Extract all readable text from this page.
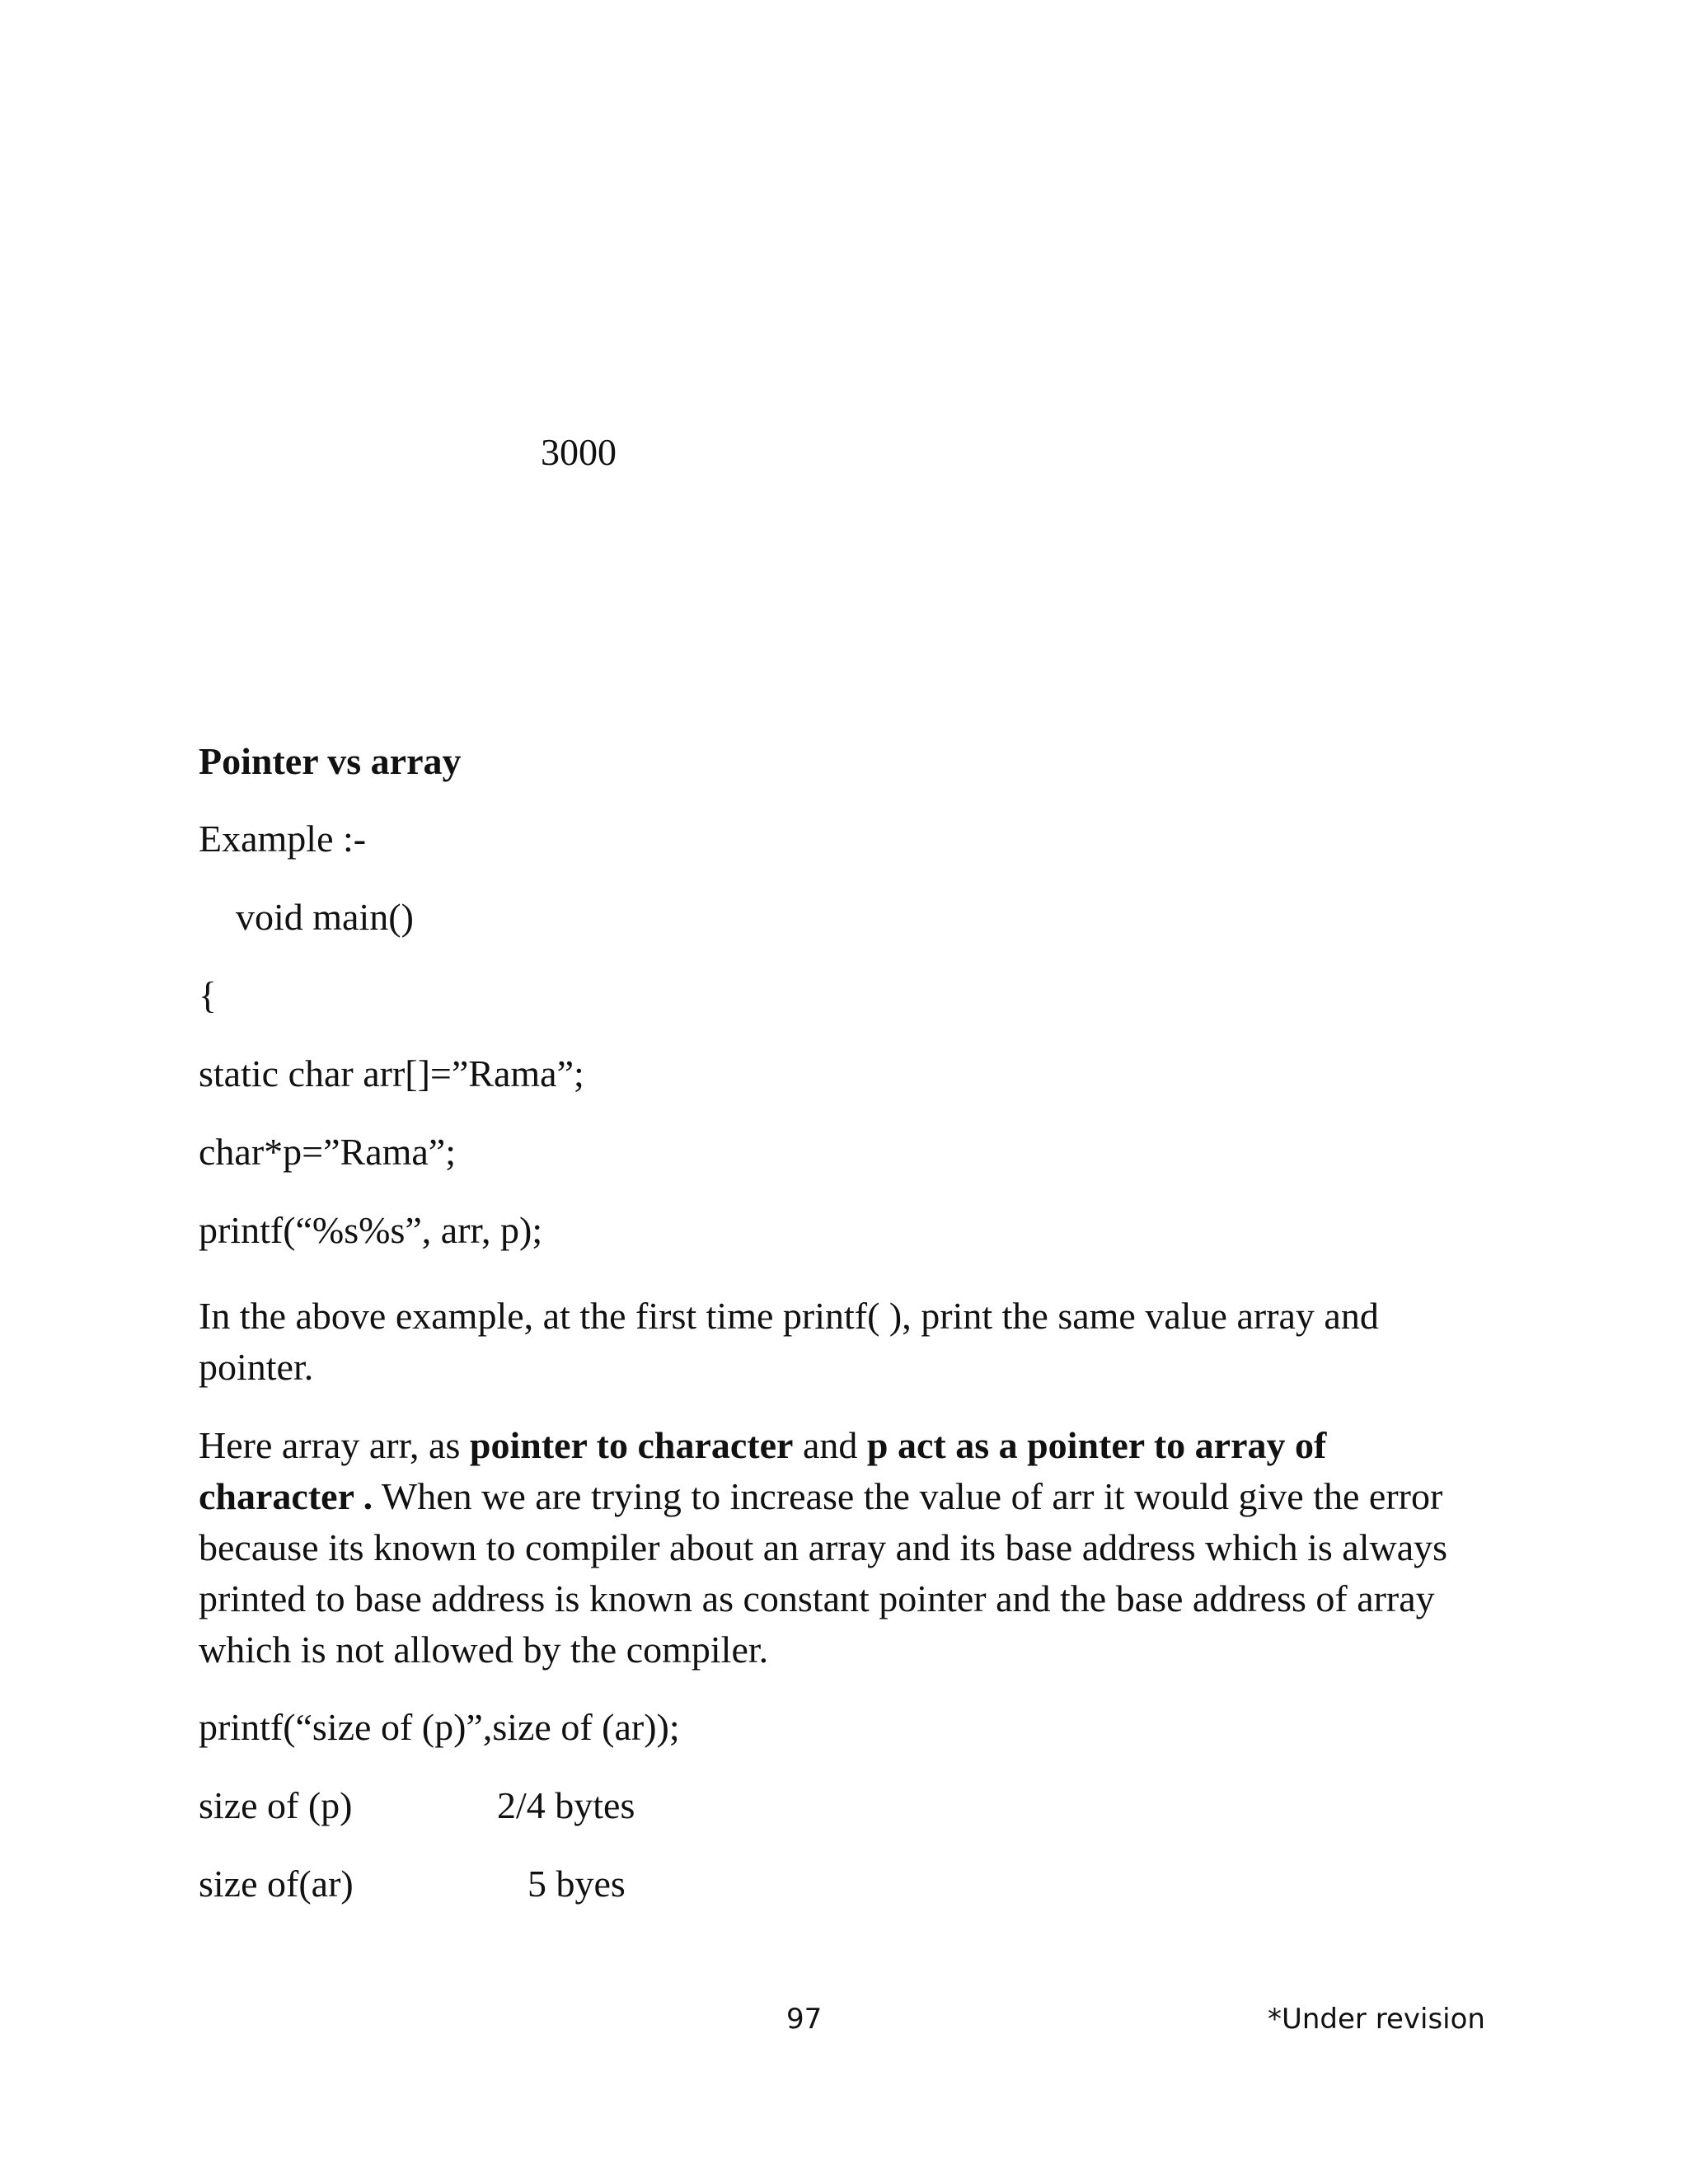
3000
Pointer vs array
Example :-
void main()
{
static char arr[]=”Rama”;
char*p=”Rama”;
printf(“%s%s”, arr, p);
In the above example, at the first time printf( ), print the same value array and
pointer.
Here array arr, as pointer to character and p act as a pointer to array of
character . When we are trying to increase the value of arr it would give the error
because its known to compiler about an array and its base address which is always
printed to base address is known as constant pointer and the base address of array
which is not allowed by the compiler.
printf(“size of (p)”,size of (ar));
size of (p)	2/4 bytes
size of(ar)	5 byes
97	*Under revision
